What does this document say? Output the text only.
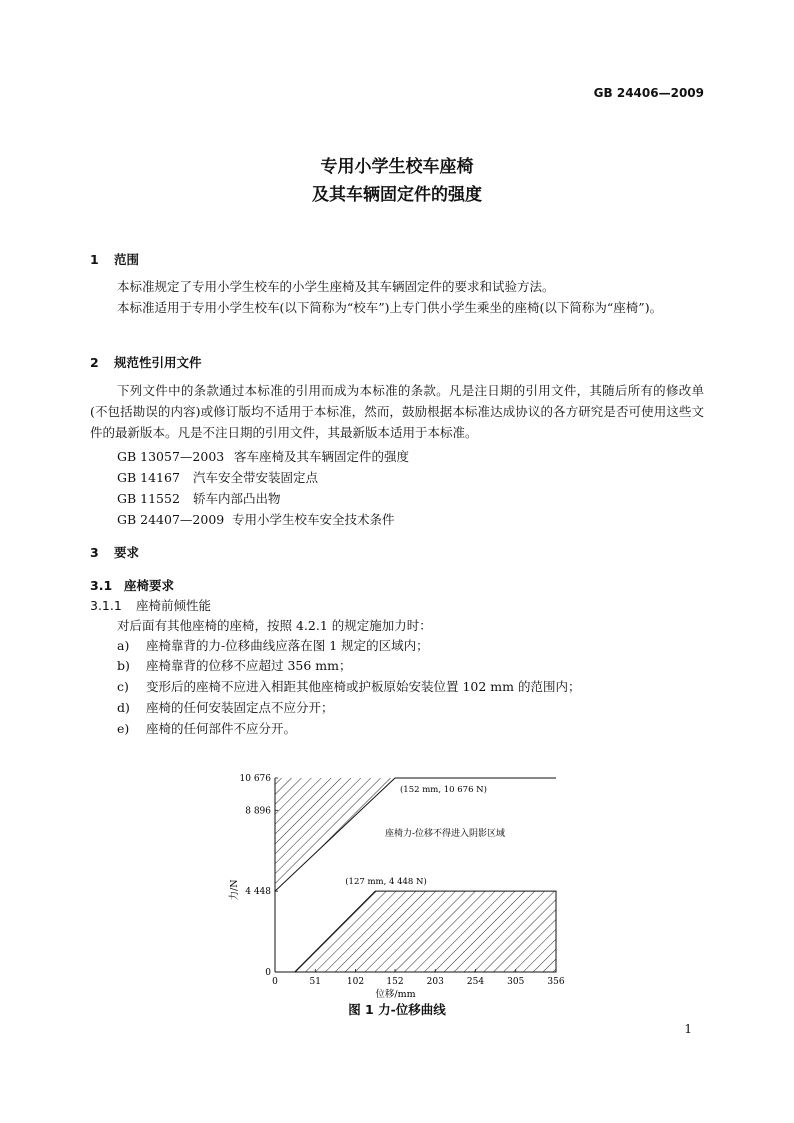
GB 24406—2009
专用小学生校车座椅
及其车辆固定件的强度
1 范围
本标准规定了专用小学生校车的小学生座椅及其车辆固定件的要求和试验方法。
本标准适用于专用小学生校车(以下简称为“校车”)上专门供小学生乘坐的座椅(以下简称为“座椅”)。
2 规范性引用文件
下列文件中的条款通过本标准的引用而成为本标准的条款。凡是注日期的引用文件，其随后所有的修改单(不包括勘误的内容)或修订版均不适用于本标准，然而，鼓励根据本标准达成协议的各方研究是否可使用这些文件的最新版本。凡是不注日期的引用文件，其最新版本适用于本标准。
GB 13057—2003 客车座椅及其车辆固定件的强度
GB 14167 汽车安全带安装固定点
GB 11552 轿车内部凸出物
GB 24407—2009 专用小学生校车安全技术条件
3 要求
3.1 座椅要求
3.1.1 座椅前倾性能
对后面有其他座椅的座椅，按照 4.2.1 的规定施加力时：
a) 座椅靠背的力-位移曲线应落在图 1 规定的区域内；
b) 座椅靠背的位移不应超过 356 mm；
c) 变形后的座椅不应进入相距其他座椅或护板原始安装位置 102 mm 的范围内；
d) 座椅的任何安装固定点不应分开；
e) 座椅的任何部件不应分开。
0	51	102 152	203	254	305	356
0
4 448
8 896
10 676
位移/mm
力/N
座椅力-位移不得进入阴影区域
(152 mm, 10 676 N)
(127 mm, 4 448 N)
图 1 力-位移曲线
1
